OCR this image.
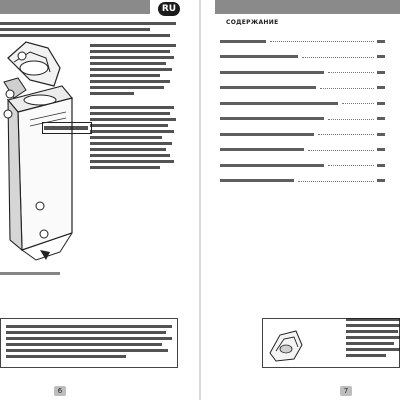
RU
6
СОДЕРЖАНИЕ
7
